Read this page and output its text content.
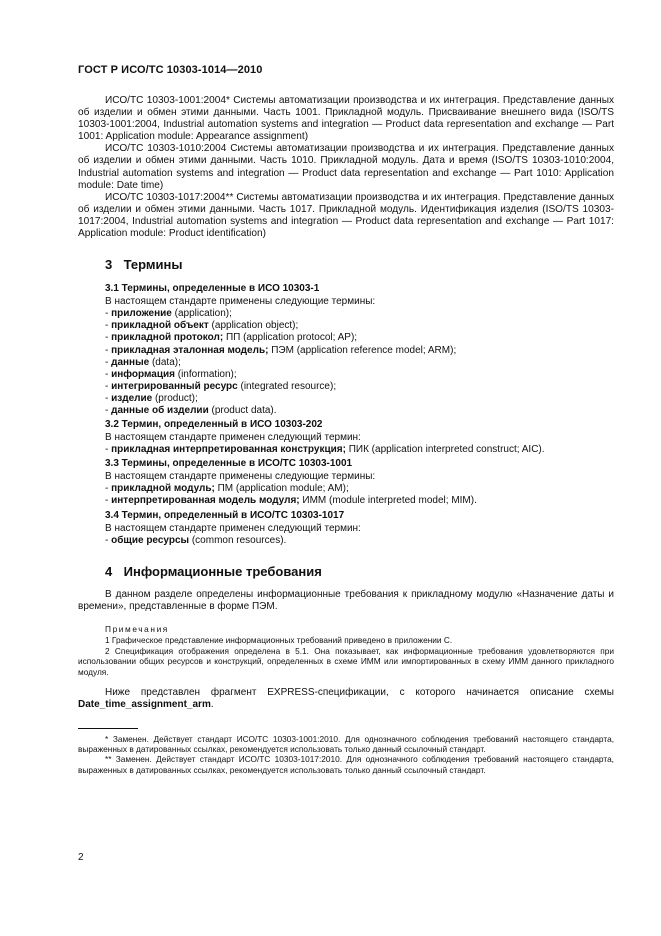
ГОСТ Р ИСО/ТС 10303-1014—2010

ИСО/ТС 10303-1001:2004* Системы автоматизации производства и их интеграция. Представление данных об изделии и обмен этими данными. Часть 1001. Прикладной модуль. Присваивание внешнего вида (ISO/TS 10303-1001:2004, Industrial automation systems and integration — Product data representation and exchange — Part 1001: Application module: Appearance assignment)

ИСО/ТС 10303-1010:2004 Системы автоматизации производства и их интеграция. Представление данных об изделии и обмен этими данными. Часть 1010. Прикладной модуль. Дата и время (ISO/TS 10303-1010:2004, Industrial automation systems and integration — Product data representation and exchange — Part 1010: Application module: Date time)

ИСО/ТС 10303-1017:2004** Системы автоматизации производства и их интеграция. Представление данных об изделии и обмен этими данными. Часть 1017. Прикладной модуль. Идентификация изделия (ISO/TS 10303-1017:2004, Industrial automation systems and integration — Product data representation and exchange — Part 1017: Application module: Product identification)

3 Термины
3.1 Термины, определенные в ИСО 10303-1
В настоящем стандарте применены следующие термины:
- приложение (application);
- прикладной объект (application object);
- прикладной протокол; ПП (application protocol; AP);
- прикладная эталонная модель; ПЭМ (application reference model; ARM);
- данные (data);
- информация (information);
- интегрированный ресурс (integrated resource);
- изделие (product);
- данные об изделии (product data).
3.2 Термин, определенный в ИСО 10303-202
В настоящем стандарте применен следующий термин:
- прикладная интерпретированная конструкция; ПИК (application interpreted construct; AIC).
3.3 Термины, определенные в ИСО/ТС 10303-1001
В настоящем стандарте применены следующие термины:
- прикладной модуль; ПМ (application module; AM);
- интерпретированная модель модуля; ИММ (module interpreted model; MIM).
3.4 Термин, определенный в ИСО/ТС 10303-1017
В настоящем стандарте применен следующий термин:
- общие ресурсы (common resources).
4 Информационные требования

В данном разделе определены информационные требования к прикладному модулю «Назначение даты и времени», представленные в форме ПЭМ.

Примечания

1 Графическое представление информационных требований приведено в приложении С.

2 Спецификация отображения определена в 5.1. Она показывает, как информационные требования удовлетворяются при использовании общих ресурсов и конструкций, определенных в схеме ИММ или импортированных в схему ИММ данного прикладного модуля.

Ниже представлен фрагмент EXPRESS-спецификации, с которого начинается описание схемы Date_time_assignment_arm.

* Заменен. Действует стандарт ИСО/ТС 10303-1001:2010. Для однозначного соблюдения требований настоящего стандарта, выраженных в датированных ссылках, рекомендуется использовать только данный ссылочный стандарт.

** Заменен. Действует стандарт ИСО/ТС 10303-1017:2010. Для однозначного соблюдения требований настоящего стандарта, выраженных в датированных ссылках, рекомендуется использовать только данный ссылочный стандарт.

2
